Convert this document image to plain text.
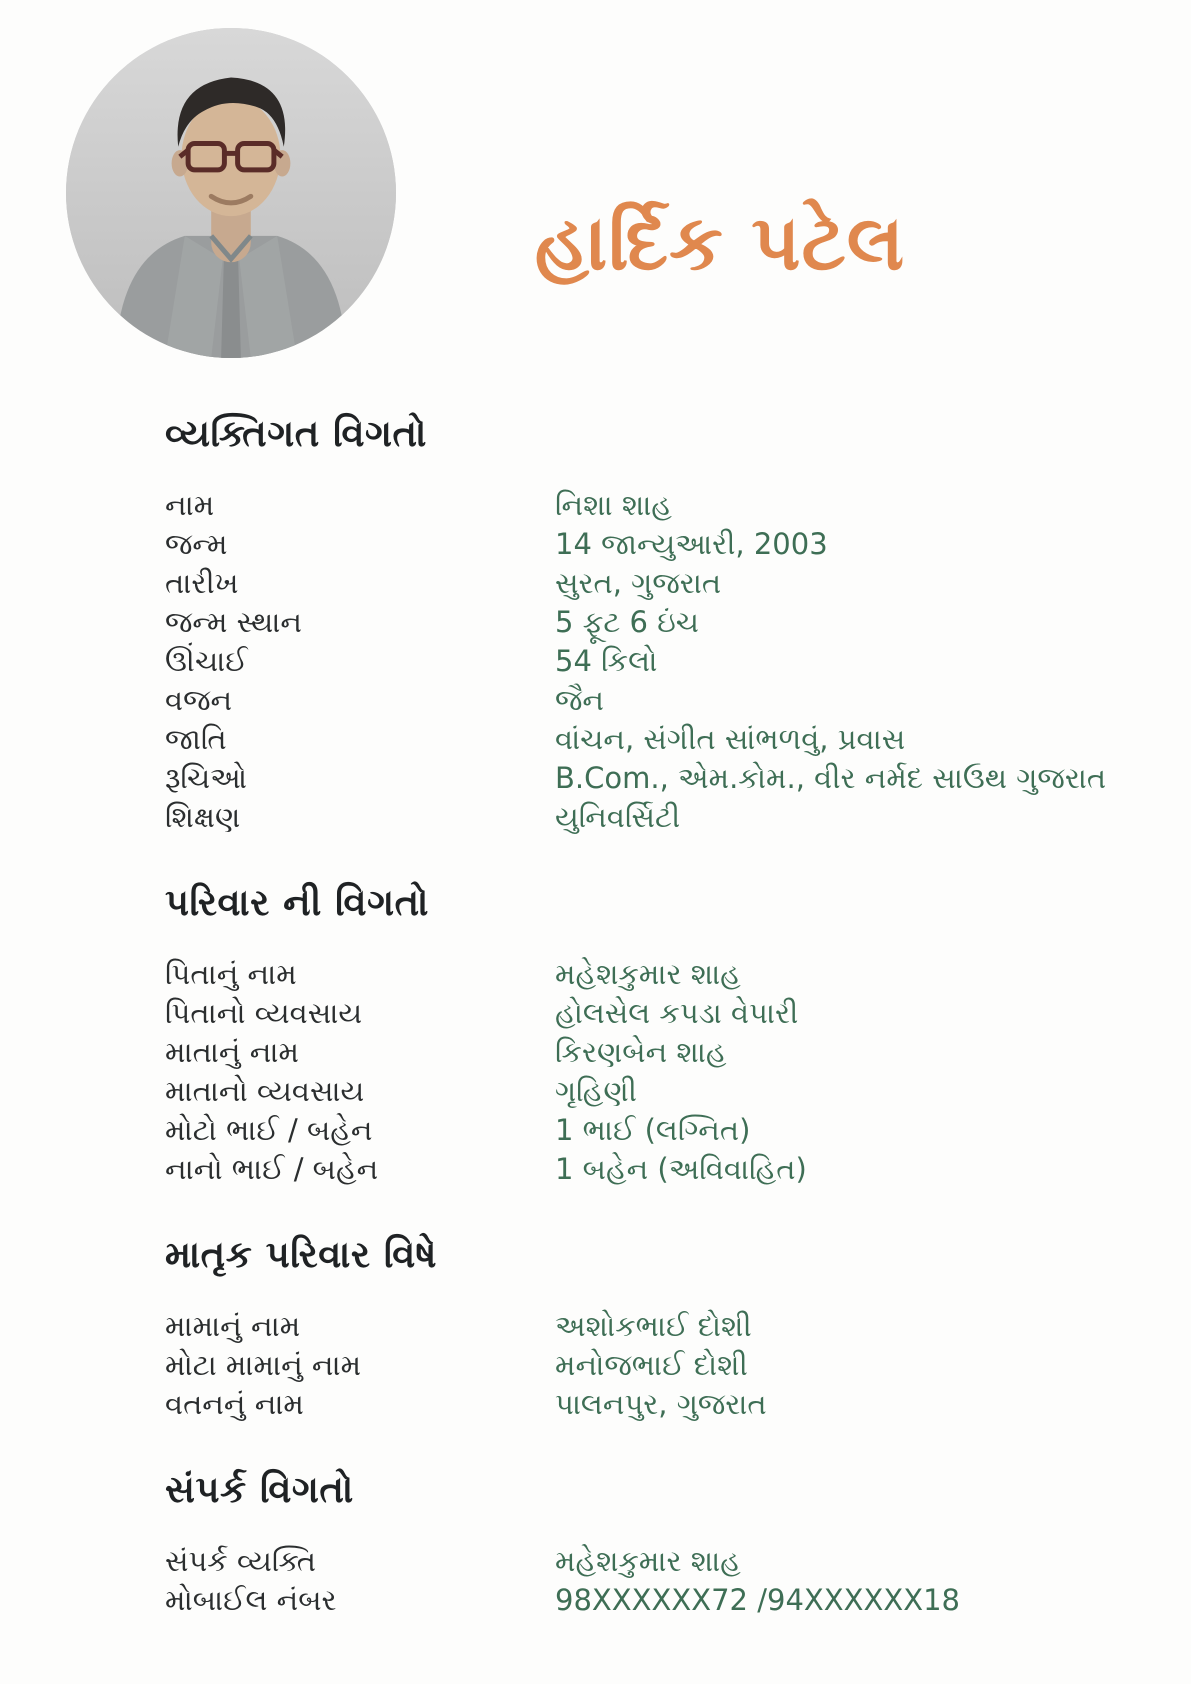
હાર્દિક પટેલ
વ્યક્તિગત વિગતો
નામ	નિશા શાહ
જન્મ	14 જાન્યુઆરી, 2003
તારીખ	સુરત, ગુજરાત
જન્મ સ્થાન	5 ફૂટ 6 ઇંચ
ઊંચાઈ	54 કિલો
વજન	જૈન
જાતિ	વાંચન, સંગીત સાંભળવું, પ્રવાસ
રૂચિઓ	B.Com., એમ.કોમ., વીર નર્મદ સાઉથ ગુજરાત
શિક્ષણ	યુનિવર્સિટી
પરિવાર ની વિગતો
પિતાનું નામ	મહેશકુમાર શાહ
પિતાનો વ્યવસાય	હોલસેલ કપડા વેપારી
માતાનું નામ	કિરણબેન શાહ
માતાનો વ્યવસાય	ગૃહિણી
મોટો ભાઈ / બહેન	1 ભાઈ (લગ્નિત)
નાનો ભાઈ / બહેન	1 બહેન (અવિવાહિત)
માતૃક પરિવાર વિષે
મામાનું નામ	અશોકભાઈ દોશી
મોટા મામાનું નામ	મનોજભાઈ દોશી
વતનનું નામ	પાલનપુર, ગુજરાત
સંપર્ક વિગતો
સંપર્ક વ્યક્તિ	મહેશકુમાર શાહ
મોબાઈલ નંબર	98XXXXXX72 /94XXXXXX18
